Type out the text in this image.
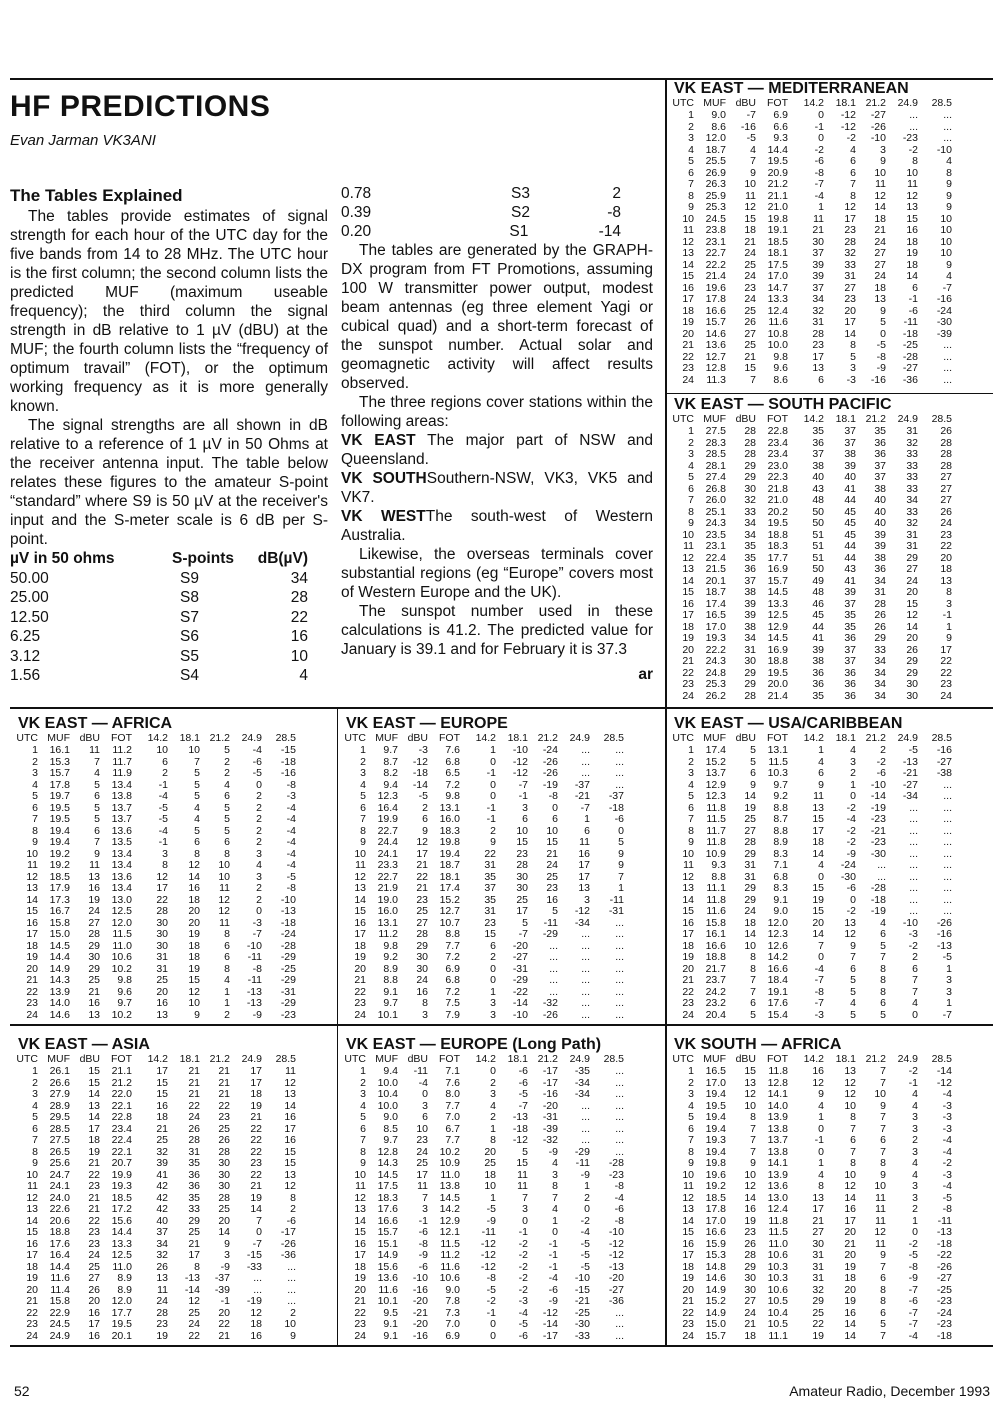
HF PREDICTIONS
Evan Jarman VK3ANI
The Tables Explained

The tables provide estimates of signal strength for each hour of the UTC day for the five bands from 14 to 28 MHz. The UTC hour is the first column; the second column lists the predicted MUF (maximum useable frequency); the third column the signal strength in dB relative to 1 µV (dBU) at the MUF; the fourth column lists the “frequency of optimum travail” (FOT), or the optimum working frequency as it is more generally known.

The signal strengths are all shown in dB relative to a reference of 1 µV in 50 Ohms at the receiver antenna input. The table below relates these figures to the amateur S-point “standard” where S9 is 50 µV at the receiver's input and the S-meter scale is 6 dB per S-point.

µV in 50 ohms	S-points	dB(µV)
50.00	S9	34
25.00	S8	28
12.50	S7	22
6.25	S6	16
3.12	S5	10
1.56	S4	4
0.78	S3	2
0.39	S2	-8
0.20	S1	-14

The tables are generated by the GRAPH-DX program from FT Promotions, assuming 100 W transmitter power output, modest beam antennas (eg three element Yagi or cubical quad) and a short-term forecast of the sunspot number. Actual solar and geomagnetic activity will affect results observed.

The three regions cover stations within the following areas:

VK EAST The major part of NSW and Queensland.

VK SOUTHSouthern-NSW, VK3, VK5 and VK7.

VK WESTThe south-west of Western Australia.

Likewise, the overseas terminals cover substantial regions (eg “Europe” covers most of Western Europe and the UK).

The sunspot number used in these calculations is 41.2. The predicted value for January is 39.1 and for February it is 37.3
ar

VK EAST — MEDITERRANEAN
UTC	MUF	dBU	FOT	14.2	18.1	21.2	24.9	28.5
1	9.0	-7	6.9	0	-12	-27	...	...
2	8.6	-16	6.6	-1	-12	-26	...	...
3	12.0	-5	9.3	0	-2	-10	-23	...
4	18.7	4	14.4	-2	4	3	-2	-10
5	25.5	7	19.5	-6	6	9	8	4
6	26.9	9	20.9	-8	6	10	10	8
7	26.3	10	21.2	-7	7	11	11	9
8	25.9	11	21.1	-4	8	12	12	9
9	25.3	12	21.0	1	12	14	13	9
10	24.5	15	19.8	11	17	18	15	10
11	23.8	18	19.1	21	23	21	16	10
12	23.1	21	18.5	30	28	24	18	10
13	22.7	24	18.1	37	32	27	19	10
14	22.2	25	17.5	39	33	27	18	9
15	21.4	24	17.0	39	31	24	14	4
16	19.6	23	14.7	37	27	18	6	-7
17	17.8	24	13.3	34	23	13	-1	-16
18	16.6	25	12.4	32	20	9	-6	-24
19	15.7	26	11.6	31	17	5	-11	-30
20	14.6	27	10.8	28	14	0	-18	-39
21	13.6	25	10.0	23	8	-5	-25	...
22	12.7	21	9.8	17	5	-8	-28	...
23	12.8	15	9.6	13	3	-9	-27	...
24	11.3	7	8.6	6	-3	-16	-36	...
VK EAST — SOUTH PACIFIC
UTC	MUF	dBU	FOT	14.2	18.1	21.2	24.9	28.5
1	27.5	28	22.8	35	37	35	31	26
2	28.3	28	23.4	36	37	36	32	28
3	28.5	28	23.4	37	38	36	33	28
4	28.1	29	23.0	38	39	37	33	28
5	27.4	29	22.3	40	40	37	33	27
6	26.8	30	21.8	43	41	38	33	27
7	26.0	32	21.0	48	44	40	34	27
8	25.1	33	20.2	50	45	40	33	26
9	24.3	34	19.5	50	45	40	32	24
10	23.5	34	18.8	51	45	39	31	23
11	23.1	35	18.3	51	44	39	31	22
12	22.4	35	17.7	51	44	38	29	20
13	21.5	36	16.9	50	43	36	27	18
14	20.1	37	15.7	49	41	34	24	13
15	18.7	38	14.5	48	39	31	20	8
16	17.4	39	13.3	46	37	28	15	3
17	16.5	39	12.5	45	35	26	12	-1
18	17.0	38	12.9	44	35	26	14	1
19	19.3	34	14.5	41	36	29	20	9
20	22.2	31	16.9	39	37	33	26	17
21	24.3	30	18.8	38	37	34	29	22
22	24.8	29	19.5	36	36	34	29	22
23	25.3	29	20.0	36	36	34	30	23
24	26.2	28	21.4	35	36	34	30	24
VK EAST — AFRICA
UTC	MUF	dBU	FOT	14.2	18.1	21.2	24.9	28.5
1	16.1	11	11.2	10	10	5	-4	-15
2	15.3	7	11.7	6	7	2	-6	-18
3	15.7	4	11.9	2	5	2	-5	-16
4	17.8	5	13.4	-1	5	4	0	-8
5	19.7	6	13.8	-4	5	6	2	-3
6	19.5	5	13.7	-5	4	5	2	-4
7	19.5	5	13.7	-5	4	5	2	-4
8	19.4	6	13.6	-4	5	5	2	-4
9	19.4	7	13.5	-1	6	6	2	-4
10	19.2	9	13.4	3	8	8	3	-4
11	19.2	11	13.4	8	12	10	4	-4
12	18.5	13	13.6	12	14	10	3	-5
13	17.9	16	13.4	17	16	11	2	-8
14	17.3	19	13.0	22	18	12	2	-10
15	16.7	24	12.5	28	20	12	0	-13
16	15.8	27	12.0	30	20	11	-3	-18
17	15.0	28	11.5	30	19	8	-7	-24
18	14.5	29	11.0	30	18	6	-10	-28
19	14.4	30	10.6	31	18	6	-11	-29
20	14.9	29	10.2	31	19	8	-8	-25
21	14.3	25	9.8	25	15	4	-11	-29
22	13.9	21	9.6	20	12	1	-13	-31
23	14.0	16	9.7	16	10	1	-13	-29
24	14.6	13	10.2	13	9	2	-9	-23
VK EAST — EUROPE
UTC	MUF	dBU	FOT	14.2	18.1	21.2	24.9	28.5
1	9.7	-3	7.6	1	-10	-24	...	...
2	8.7	-12	6.8	0	-12	-26	...	...
3	8.2	-18	6.5	-1	-12	-26	...	...
4	9.4	-14	7.2	0	-7	-19	-37	...
5	12.3	-5	9.8	0	-1	-8	-21	-37
6	16.4	2	13.1	-1	3	0	-7	-18
7	19.9	6	16.0	-1	6	6	1	-6
8	22.7	9	18.3	2	10	10	6	0
9	24.4	12	19.8	9	15	15	11	5
10	24.1	17	19.4	22	23	21	16	9
11	23.3	21	18.7	31	28	24	17	9
12	22.7	22	18.1	35	30	25	17	7
13	21.9	21	17.4	37	30	23	13	1
14	19.0	23	15.2	35	25	16	3	-11
15	16.0	25	12.7	31	17	5	-12	-31
16	13.1	27	10.7	23	5	-11	-34	...
17	11.2	28	8.8	15	-7	-29	...	...
18	9.8	29	7.7	6	-20	...	...	...
19	9.2	30	7.2	2	-27	...	...	...
20	8.9	30	6.9	0	-31	...	...	...
21	8.8	24	6.8	0	-29	...	...	...
22	9.1	16	7.2	1	-22	...	...	...
23	9.7	8	7.5	3	-14	-32	...	...
24	10.1	3	7.9	3	-10	-26	...	...
VK EAST — USA/CARIBBEAN
UTC	MUF	dBU	FOT	14.2	18.1	21.2	24.9	28.5
1	17.4	5	13.1	1	4	2	-5	-16
2	15.2	5	11.5	4	3	-2	-13	-27
3	13.7	6	10.3	6	2	-6	-21	-38
4	12.9	9	9.7	9	1	-10	-27	...
5	12.3	14	9.2	11	0	-14	-34	...
6	11.8	19	8.8	13	-2	-19	...	...
7	11.5	25	8.7	15	-4	-23	...	...
8	11.7	27	8.8	17	-2	-21	...	...
9	11.8	28	8.9	18	-2	-23	...	...
10	10.9	29	8.3	14	-9	-30	...	...
11	9.3	31	7.1	4	-24	...	...	...
12	8.8	31	6.8	0	-30	...	...	...
13	11.1	29	8.3	15	-6	-28	...	...
14	11.8	29	9.1	19	0	-18	...	...
15	11.6	24	9.0	15	-2	-19	...	...
16	15.8	18	12.0	20	13	4	-10	-26
17	16.1	14	12.3	14	12	6	-3	-16
18	16.6	10	12.6	7	9	5	-2	-13
19	18.8	8	14.2	0	7	7	2	-5
20	21.7	8	16.6	-4	6	8	6	1
21	23.7	7	18.4	-7	5	8	7	3
22	24.2	7	19.1	-8	5	8	7	3
23	23.2	6	17.6	-7	4	6	4	1
24	20.4	5	15.4	-3	5	5	0	-7
VK EAST — ASIA
UTC	MUF	dBU	FOT	14.2	18.1	21.2	24.9	28.5
1	26.1	15	21.1	17	21	21	17	11
2	26.6	15	21.2	15	21	21	17	12
3	27.9	14	22.0	15	21	21	18	13
4	28.9	13	22.1	16	22	22	19	14
5	29.5	14	22.8	18	24	23	21	16
6	28.5	17	23.4	21	26	25	22	17
7	27.5	18	22.4	25	28	26	22	16
8	26.5	19	22.1	32	31	28	22	15
9	25.6	21	20.7	39	35	30	23	15
10	24.7	22	19.9	41	36	30	22	13
11	24.1	23	19.3	42	36	30	21	12
12	24.0	21	18.5	42	35	28	19	8
13	22.6	21	17.2	42	33	25	14	2
14	20.6	22	15.6	40	29	20	7	-6
15	18.8	23	14.4	37	25	14	0	-17
16	17.6	23	13.3	34	21	9	-7	-26
17	16.4	24	12.5	32	17	3	-15	-36
18	14.4	25	11.0	26	8	-9	-33	...
19	11.6	27	8.9	13	-13	-37	...	...
20	11.4	26	8.9	11	-14	-39	...	...
21	15.8	20	12.0	24	12	-1	-19	...
22	22.9	16	17.7	28	25	20	12	2
23	24.5	17	19.5	23	24	22	18	10
24	24.9	16	20.1	19	22	21	16	9
VK EAST — EUROPE (Long Path)
UTC	MUF	dBU	FOT	14.2	18.1	21.2	24.9	28.5
1	9.4	-11	7.1	0	-6	-17	-35	...
2	10.0	-4	7.6	2	-6	-17	-34	...
3	10.4	0	8.0	3	-5	-16	-34	...
4	10.0	3	7.7	4	-7	-20	...	...
5	9.0	6	7.0	2	-13	-31	...	...
6	8.5	10	6.7	1	-18	-39	...	...
7	9.7	23	7.7	8	-12	-32	...	...
8	12.8	24	10.2	20	5	-9	-29	...
9	14.3	25	10.9	25	15	4	-11	-28
10	14.5	17	11.0	18	11	3	-9	-23
11	17.5	11	13.8	10	11	8	1	-8
12	18.3	7	14.5	1	7	7	2	-4
13	17.6	3	14.2	-5	3	4	0	-6
14	16.6	-1	12.9	-9	0	1	-2	-8
15	15.7	-6	12.1	-11	-1	0	-4	-10
16	15.1	-8	11.5	-12	-2	-1	-5	-12
17	14.9	-9	11.2	-12	-2	-1	-5	-12
18	15.6	-6	11.6	-12	-2	-1	-5	-13
19	13.6	-10	10.6	-8	-2	-4	-10	-20
20	11.6	-16	9.0	-5	-2	-6	-15	-27
21	10.1	-20	7.8	-2	-3	-9	-21	-36
22	9.5	-21	7.3	-1	-4	-12	-25	...
23	9.1	-20	7.0	0	-5	-14	-30	...
24	9.1	-16	6.9	0	-6	-17	-33	...
VK SOUTH — AFRICA
UTC	MUF	dBU	FOT	14.2	18.1	21.2	24.9	28.5
1	16.5	15	11.8	16	13	7	-2	-14
2	17.0	13	12.8	12	12	7	-1	-12
3	19.4	12	14.1	9	12	10	4	-4
4	19.5	10	14.0	4	10	9	4	-3
5	19.4	8	13.9	1	8	7	3	-3
6	19.4	7	13.8	0	7	7	3	-3
7	19.3	7	13.7	-1	6	6	2	-4
8	19.4	7	13.8	0	7	7	3	-4
9	19.8	9	14.1	1	8	8	4	-2
10	19.6	10	13.9	4	10	9	4	-3
11	19.2	12	13.6	8	12	10	3	-4
12	18.5	14	13.0	13	14	11	3	-5
13	17.8	16	12.4	17	16	11	2	-8
14	17.0	19	11.8	21	17	11	1	-11
15	16.6	23	11.5	27	20	12	0	-13
16	15.9	26	11.0	30	21	11	-2	-18
17	15.3	28	10.6	31	20	9	-5	-22
18	14.8	29	10.3	31	19	7	-8	-26
19	14.6	30	10.3	31	18	6	-9	-27
20	14.9	30	10.6	32	20	8	-7	-25
21	15.2	27	10.5	29	19	8	-6	-23
22	14.9	24	10.4	25	16	6	-7	-24
23	15.0	21	10.5	22	14	5	-7	-23
24	15.7	18	11.1	19	14	7	-4	-18
52	Amateur Radio, December 1993
